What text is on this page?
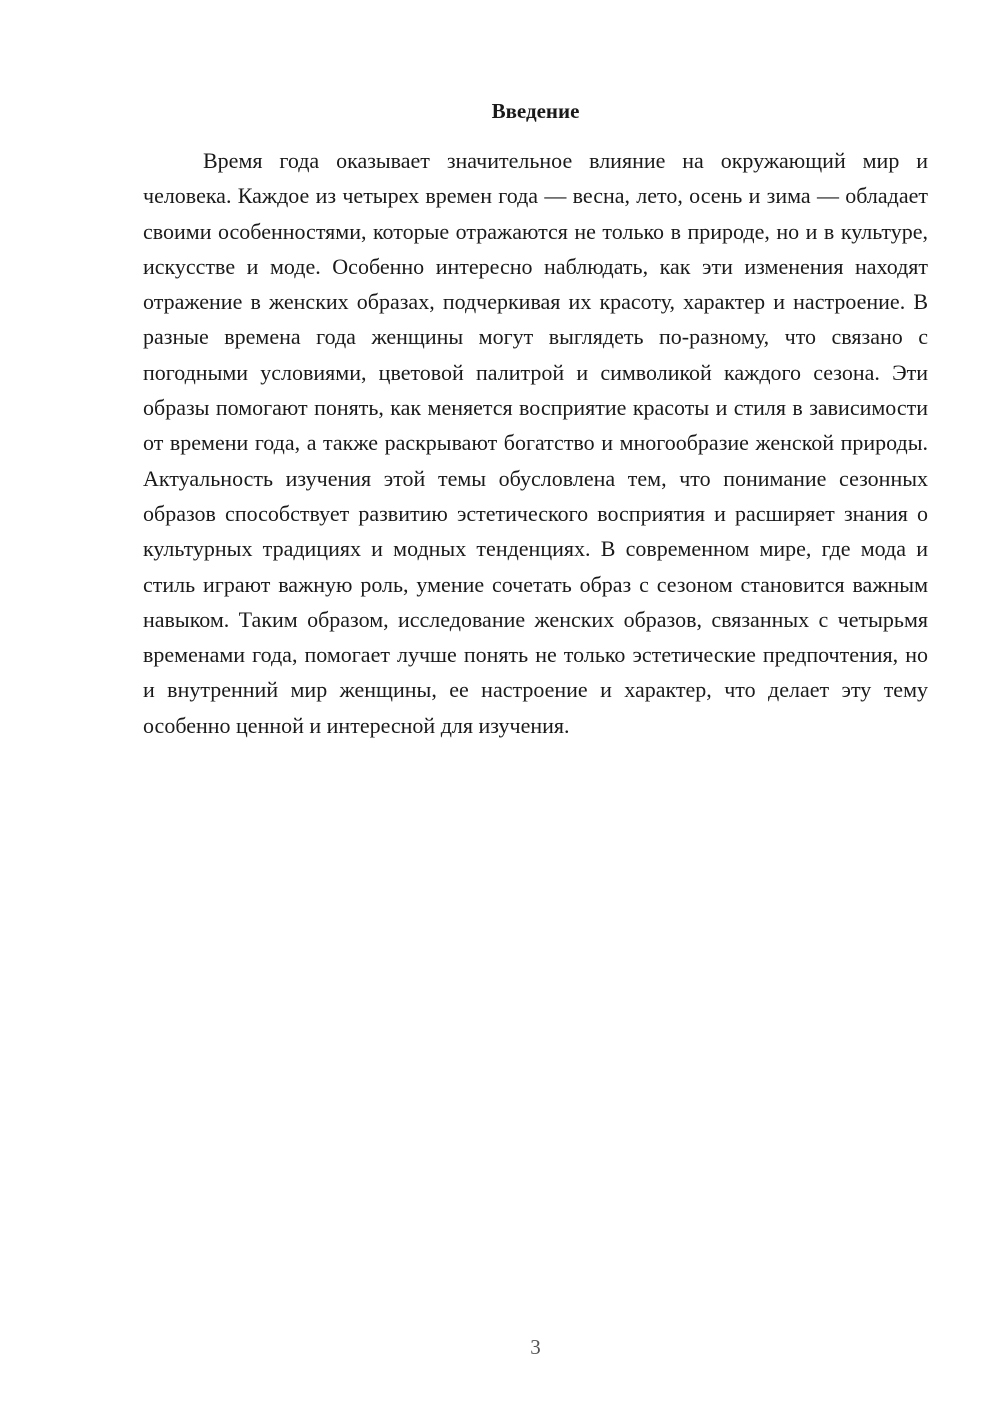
Введение

Время года оказывает значительное влияние на окружающий мир и человека. Каждое из четырех времен года — весна, лето, осень и зима — обладает своими особенностями, которые отражаются не только в природе, но и в культуре, искусстве и моде. Особенно интересно наблюдать, как эти изменения находят отражение в женских образах, подчеркивая их красоту, характер и настроение. В разные времена года женщины могут выглядеть по-разному, что связано с погодными условиями, цветовой палитрой и символикой каждого сезона. Эти образы помогают понять, как меняется восприятие красоты и стиля в зависимости от времени года, а также раскрывают богатство и многообразие женской природы. Актуальность изучения этой темы обусловлена тем, что понимание сезонных образов способствует развитию эстетического восприятия и расширяет знания о культурных традициях и модных тенденциях. В современном мире, где мода и стиль играют важную роль, умение сочетать образ с сезоном становится важным навыком. Таким образом, исследование женских образов, связанных с четырьмя временами года, помогает лучше понять не только эстетические предпочтения, но и внутренний мир женщины, ее настроение и характер, что делает эту тему особенно ценной и интересной для изучения.

3
